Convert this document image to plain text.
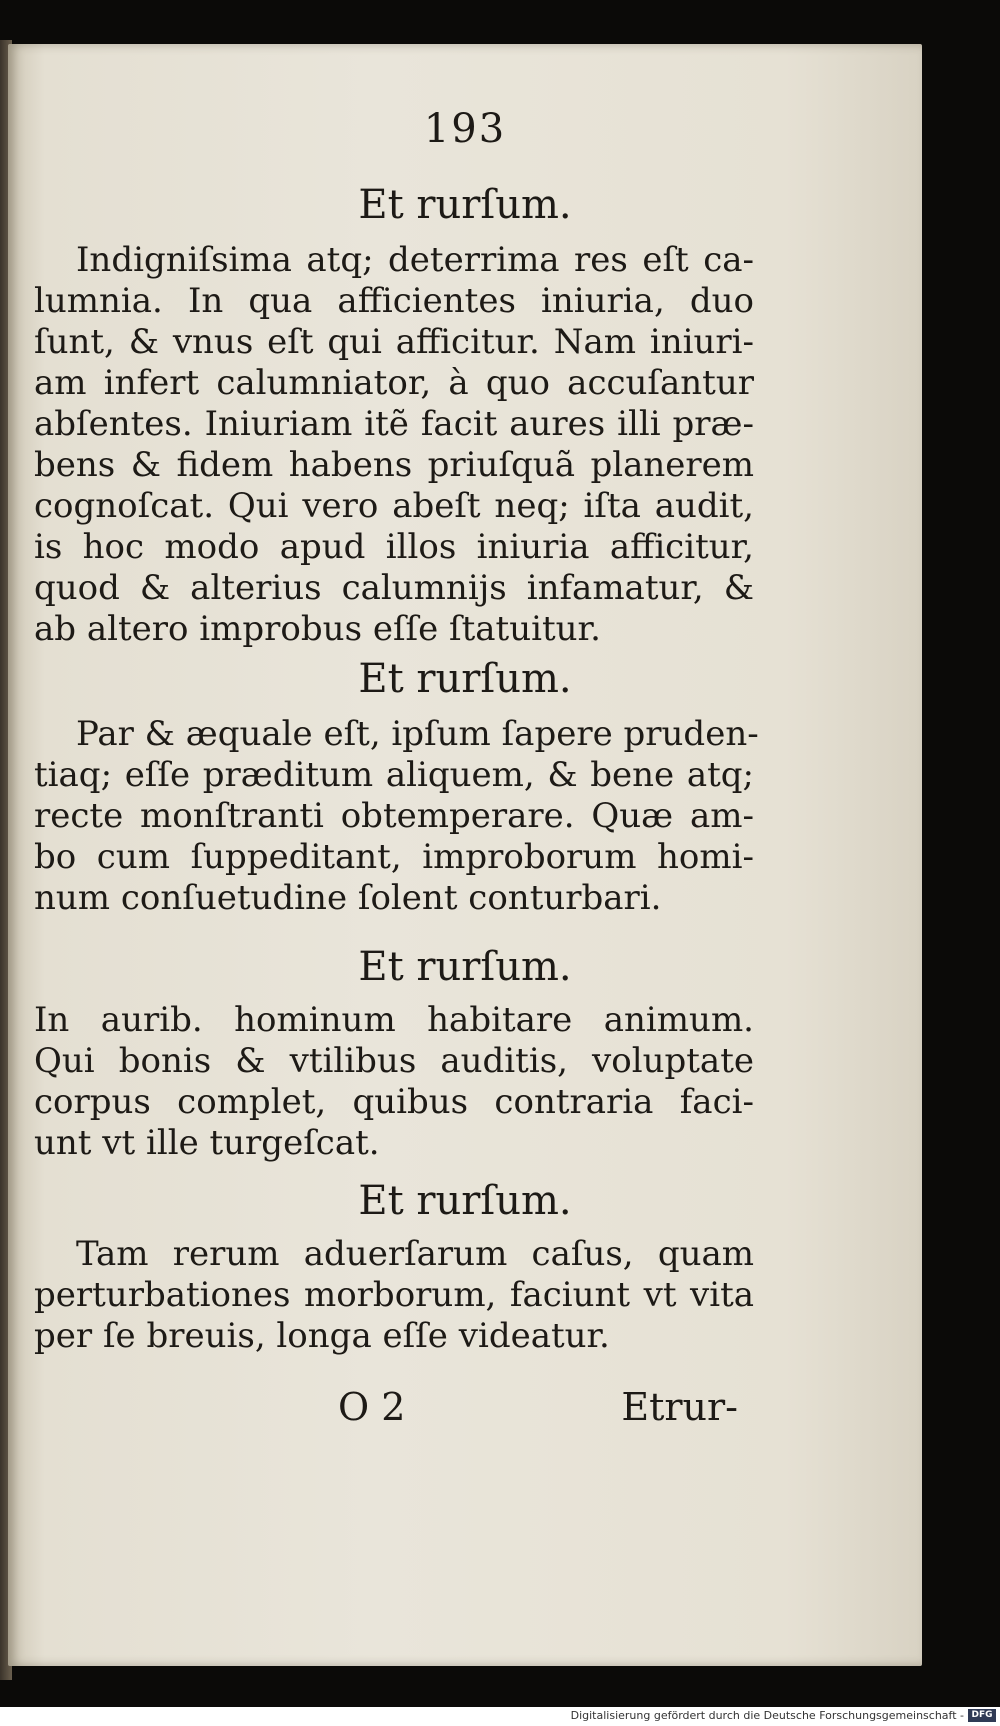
193
Et rurſum.
Indigniſsima atq; deterrima res eſt ca-
lumnia. In qua afficientes iniuria, duo
ſunt, & vnus eſt qui afficitur. Nam iniuri-
am infert calumniator, à quo accuſantur
abſentes. Iniuriam itẽ facit aures illi præ-
bens & fidem habens priuſquã planerem
cognoſcat. Qui vero abeſt neq; iſta audit,
is hoc modo apud illos iniuria afficitur,
quod & alterius calumnijs infamatur, &
ab altero improbus eſſe ſtatuitur.
Et rurſum.
Par & æquale eſt, ipſum ſapere pruden-
tiaq; eſſe præditum aliquem, & bene atq;
recte monſtranti obtemperare. Quæ am-
bo cum ſuppeditant, improborum homi-
num conſuetudine ſolent conturbari.
Et rurſum.
In aurib. hominum habitare animum.
Qui bonis & vtilibus auditis, voluptate
corpus complet, quibus contraria faci-
unt vt ille turgeſcat.
Et rurſum.
Tam rerum aduerſarum caſus, quam
perturbationes morborum, faciunt vt vita
per ſe breuis, longa eſſe videatur.
O 2	Etrur-
Digitalisierung gefördert durch die Deutsche Forschungsgemeinschaft - DFG
